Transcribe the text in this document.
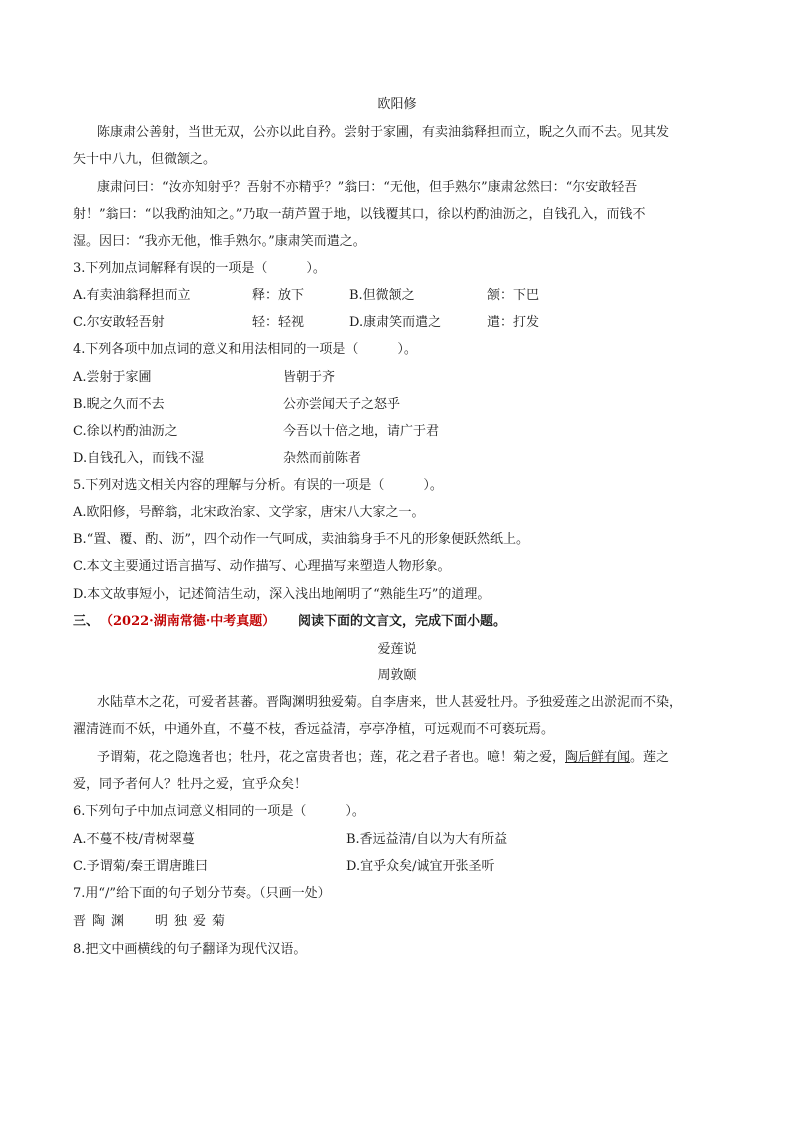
欧阳修
陈康肃公善射，当世无双，公亦以此自矜。尝射于家圃，有卖油翁释担而立，睨之久而不去。见其发
矢十中八九，但微颔之。
康肃问曰：“汝亦知射乎？吾射不亦精乎？”翁曰：“无他，但手熟尔”康肃忿然曰：“尔安敢轻吾
射！”翁曰：“以我酌油知之。”乃取一葫芦置于地，以钱覆其口，徐以杓酌油沥之，自钱孔入，而钱不
湿。因曰：“我亦无他，惟手熟尔。”康肃笑而遣之。
3.下列加点词解释有误的一项是（　　　）。
A.有卖油翁释担而立	释：放下	B.但微颔之	颔：下巴
C.尔安敢轻吾射	轻：轻视	D.康肃笑而遣之	遣：打发
4.下列各项中加点词的意义和用法相同的一项是（　　　）。
A.尝射于家圃	皆朝于齐
B.睨之久而不去	公亦尝闻天子之怒乎
C.徐以杓酌油沥之	今吾以十倍之地，请广于君
D.自钱孔入，而钱不湿	杂然而前陈者
5.下列对选文相关内容的理解与分析。有误的一项是（　　　）。
A.欧阳修，号醉翁，北宋政治家、文学家，唐宋八大家之一。
B.“置、覆、酌、沥”，四个动作一气呵成，卖油翁身手不凡的形象便跃然纸上。
C.本文主要通过语言描写、动作描写、心理描写来塑造人物形象。
D.本文故事短小，记述简洁生动，深入浅出地阐明了“熟能生巧”的道理。
三、 （2022·湖南常德·中考真题） 阅读下面的文言文，完成下面小题。
爱莲说
周敦颐
水陆草木之花，可爱者甚蕃。晋陶渊明独爱菊。自李唐来，世人甚爱牡丹。予独爱莲之出淤泥而不染，
濯清涟而不妖，中通外直，不蔓不枝，香远益清，亭亭净植，可远观而不可亵玩焉。
予谓菊，花之隐逸者也；牡丹，花之富贵者也；莲，花之君子者也。噫！菊之爱，陶后鲜有闻。莲之
爱，同予者何人？牡丹之爱，宜乎众矣！
6.下列句子中加点词意义相同的一项是（　　　）。
A.不蔓不枝/青树翠蔓	B.香远益清/自以为大有所益
C.予谓菊/秦王谓唐雎曰	D.宜乎众矣/诚宜开张圣听
7.用“/”给下面的句子划分节奏。（只画一处）
晋陶渊 明独爱菊
8.把文中画横线的句子翻译为现代汉语。
